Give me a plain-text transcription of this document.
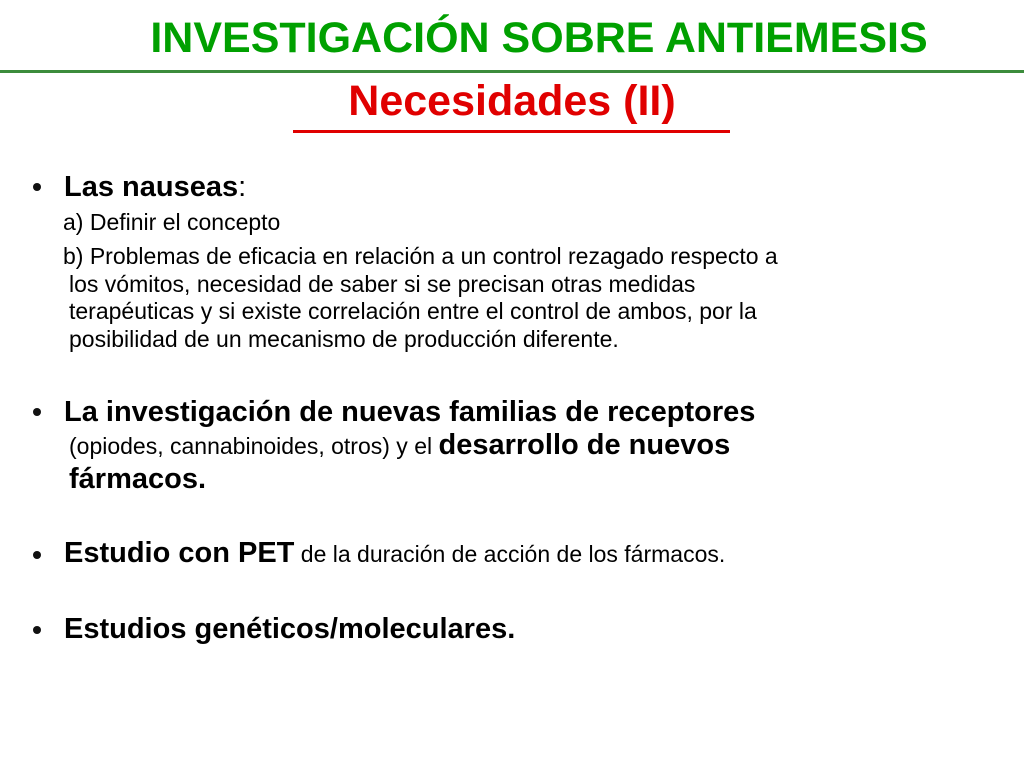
INVESTIGACIÓN SOBRE ANTIEMESIS
Necesidades (II)
Las nauseas:
a) Definir el concepto
b) Problemas de eficacia en relación a un control rezagado respecto a
los vómitos, necesidad de saber si se precisan otras medidas
terapéuticas y si existe correlación entre el control de ambos, por la
posibilidad de un mecanismo de producción diferente.
La investigación de nuevas familias de receptores
(opiodes, cannabinoides, otros) y el desarrollo de nuevos
fármacos.
Estudio con PET de la duración de acción de los fármacos.
Estudios genéticos/moleculares.
